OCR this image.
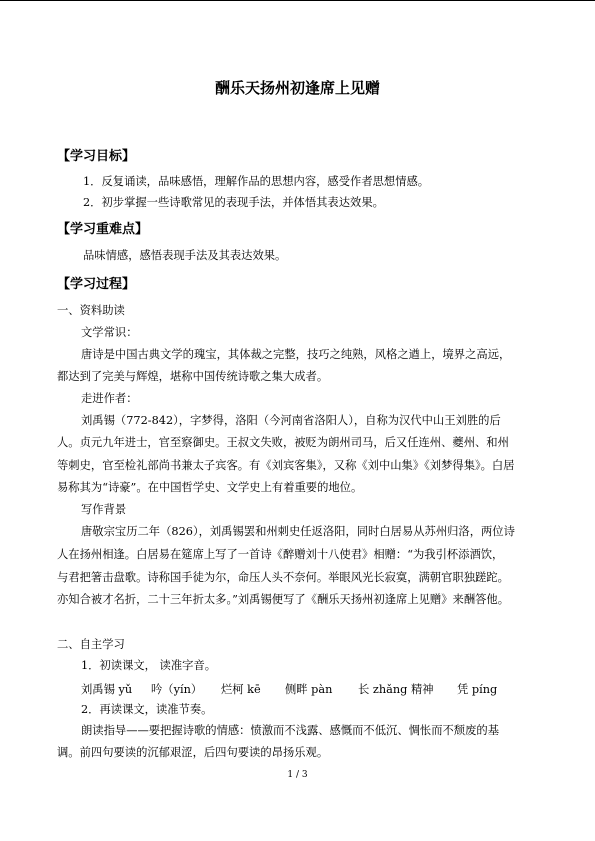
酬乐天扬州初逢席上见赠
【学习目标】
1．反复诵读，品味感悟，理解作品的思想内容，感受作者思想情感。
2．初步掌握一些诗歌常见的表现手法，并体悟其表达效果。
【学习重难点】
品味情感，感悟表现手法及其表达效果。
【学习过程】
一、资料助读
文学常识：
唐诗是中国古典文学的瑰宝，其体裁之完整，技巧之纯熟，风格之遒上，境界之高远，
都达到了完美与辉煌，堪称中国传统诗歌之集大成者。
走进作者：
刘禹锡（772-842），字梦得，洛阳（今河南省洛阳人），自称为汉代中山王刘胜的后
人。贞元九年进士，官至察御史。王叔文失败，被贬为朗州司马，后又任连州、夔州、和州
等刺史，官至检礼部尚书兼太子宾客。有《刘宾客集》，又称《刘中山集》《刘梦得集》。白居
易称其为“诗豪”。在中国哲学史、文学史上有着重要的地位。
写作背景
唐敬宗宝历二年（826），刘禹锡罢和州刺史任返洛阳，同时白居易从苏州归洛，两位诗
人在扬州相逢。白居易在筵席上写了一首诗《醉赠刘十八使君》相赠：“为我引杯添酒饮，
与君把箸击盘歌。诗称国手徒为尔，命压人头不奈何。举眼风光长寂寞，满朝官职独蹉跎。
亦知合被才名折，二十三年折太多。”刘禹锡便写了《酬乐天扬州初逢席上见赠》来酬答他。
二、自主学习
1．初读课文， 读准字音。
刘禹锡 yǔ 吟（yín） 烂柯 kē 侧畔 pàn 长 zhǎng 精神 凭 píng
2．再读课文，读准节奏。
朗读指导——要把握诗歌的情感：愤激而不浅露、感慨而不低沉、惆怅而不颓废的基
调。前四句要读的沉郁艰涩，后四句要读的昂扬乐观。
1 / 3
